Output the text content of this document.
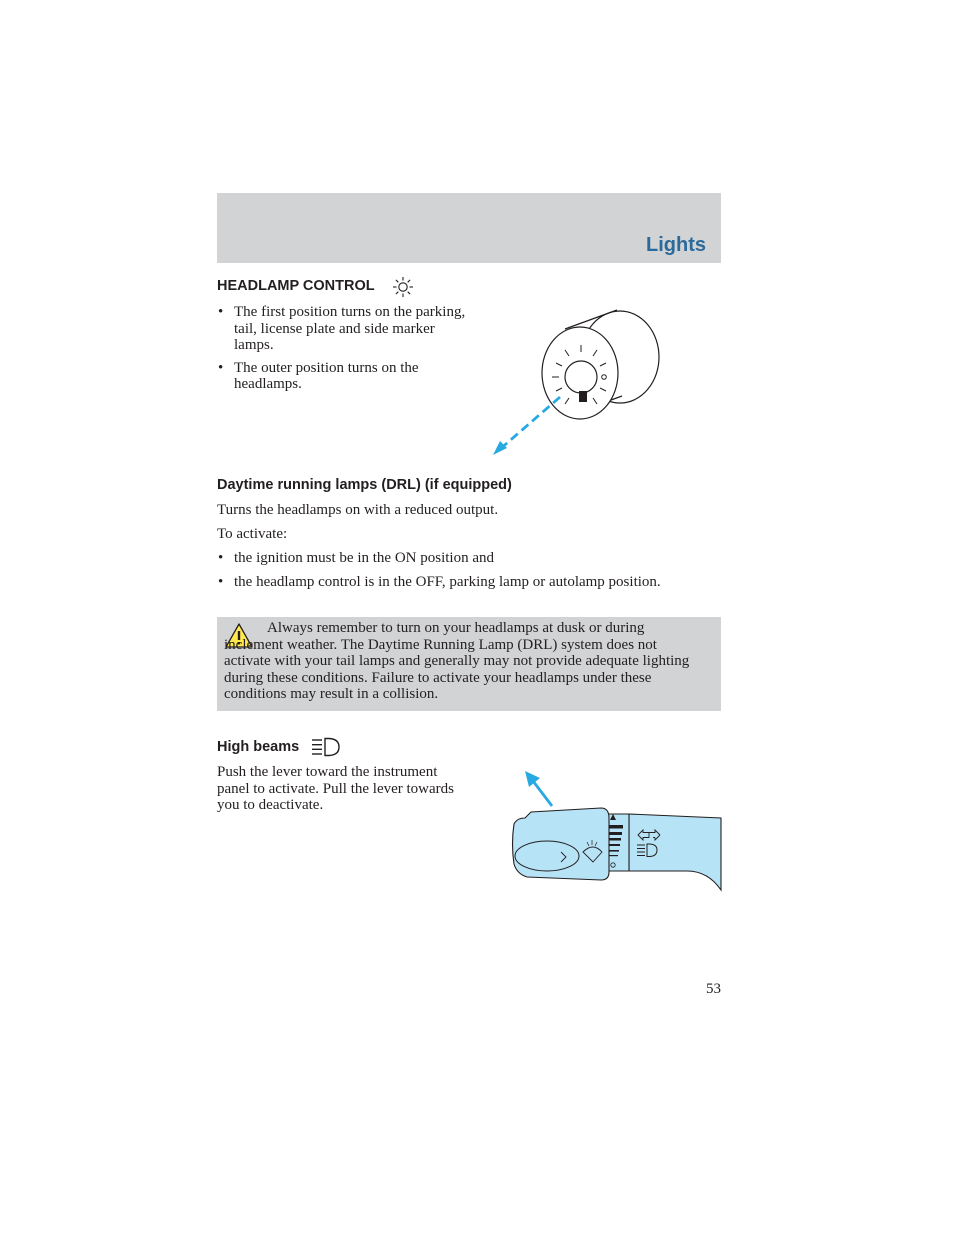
Lights
HEADLAMP CONTROL
• The first position turns on the parking, tail, license plate and side marker lamps.
• The outer position turns on the headlamps.
Daytime running lamps (DRL) (if equipped)
Turns the headlamps on with a reduced output.
To activate:
• the ignition must be in the ON position and
• the headlamp control is in the OFF, parking lamp or autolamp position.
Always remember to turn on your headlamps at dusk or during inclement weather. The Daytime Running Lamp (DRL) system does not activate with your tail lamps and generally may not provide adequate lighting during these conditions. Failure to activate your headlamps under these conditions may result in a collision.
High beams
Push the lever toward the instrument panel to activate. Pull the lever towards you to deactivate.
53
